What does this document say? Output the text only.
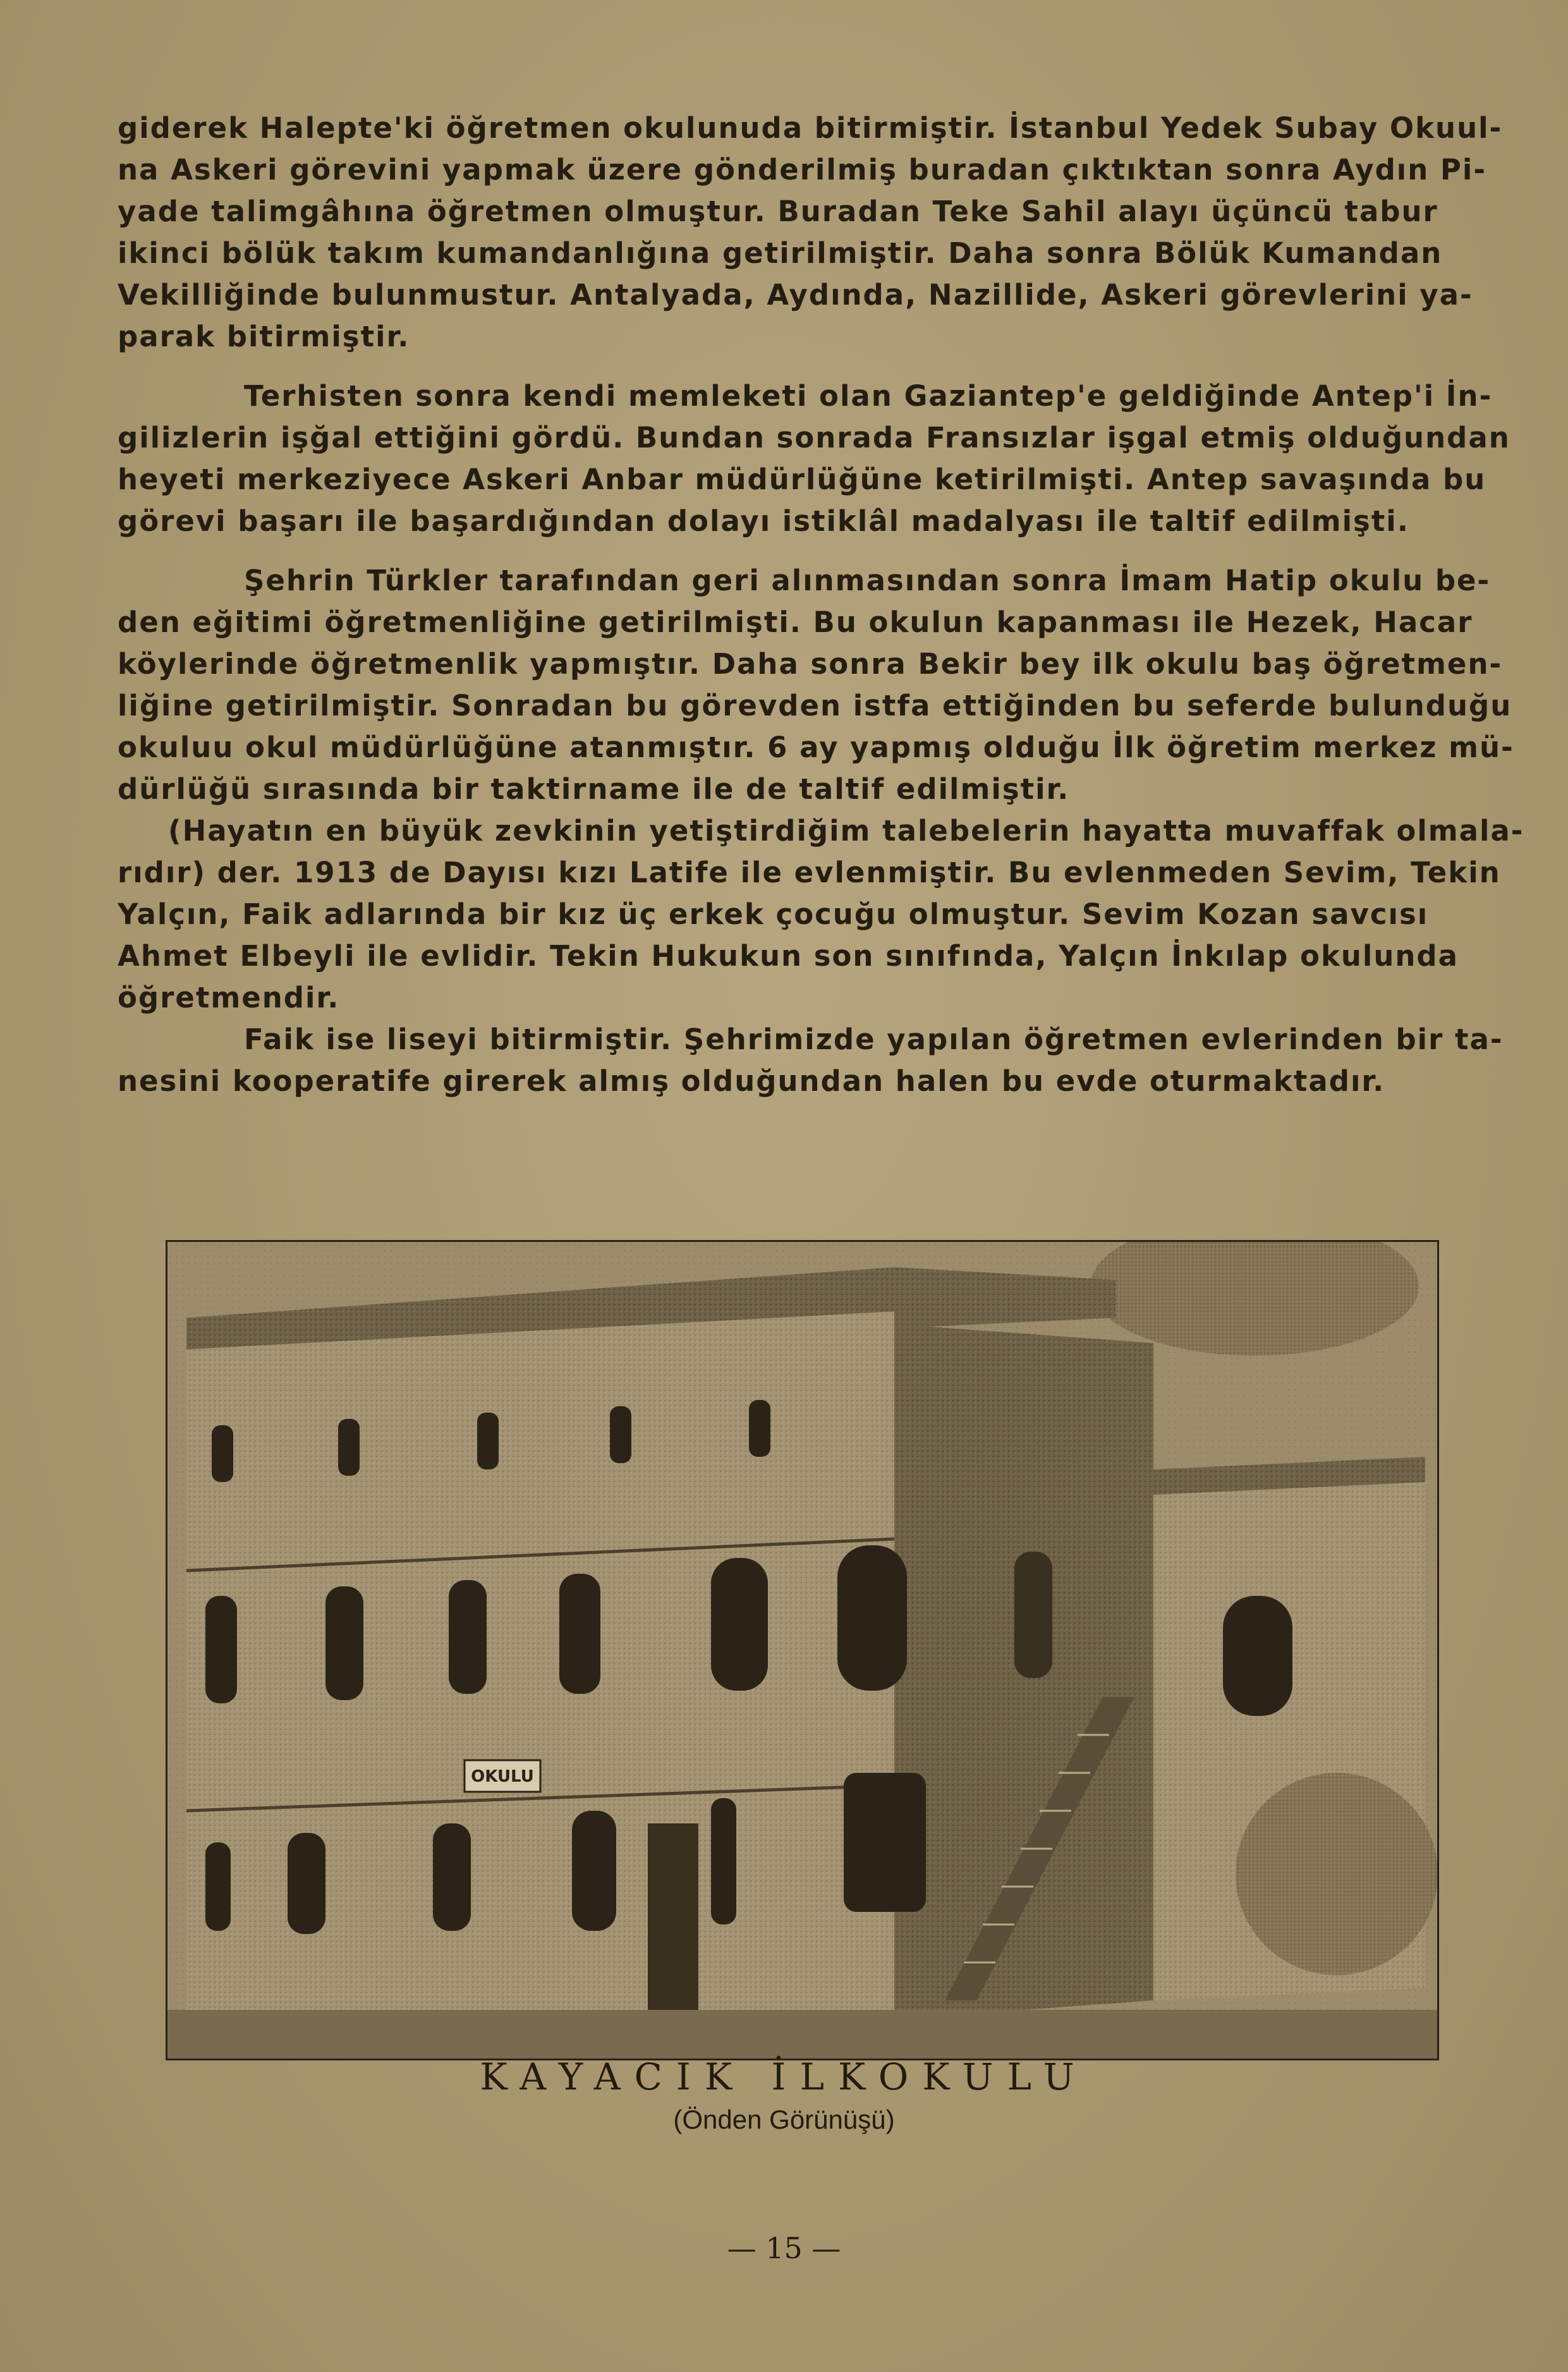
giderek Halepte'ki öğretmen okulunuda bitirmiştir. İstanbul Yedek Subay Okuul-
na Askeri görevini yapmak üzere gönderilmiş buradan çıktıktan sonra Aydın Pi-
yade talimgâhına öğretmen olmuştur. Buradan Teke Sahil alayı üçüncü tabur
ikinci bölük takım kumandanlığına getirilmiştir. Daha sonra Bölük Kumandan
Vekilliğinde bulunmustur. Antalyada, Aydında, Nazillide, Askeri görevlerini ya-
parak bitirmiştir.
Terhisten sonra kendi memleketi olan Gaziantep'e geldiğinde Antep'i İn-
gilizlerin işğal ettiğini gördü. Bundan sonrada Fransızlar işgal etmiş olduğundan
heyeti merkeziyece Askeri Anbar müdürlüğüne ketirilmişti. Antep savaşında bu
görevi başarı ile başardığından dolayı istiklâl madalyası ile taltif edilmişti.
Şehrin Türkler tarafından geri alınmasından sonra İmam Hatip okulu be-
den eğitimi öğretmenliğine getirilmişti. Bu okulun kapanması ile Hezek, Hacar
köylerinde öğretmenlik yapmıştır. Daha sonra Bekir bey ilk okulu baş öğretmen-
liğine getirilmiştir. Sonradan bu görevden istfa ettiğinden bu seferde bulunduğu
okuluu okul müdürlüğüne atanmıştır. 6 ay yapmış olduğu İlk öğretim merkez mü-
dürlüğü sırasında bir taktirname ile de taltif edilmiştir.
(Hayatın en büyük zevkinin yetiştirdiğim talebelerin hayatta muvaffak olmala-
rıdır) der. 1913 de Dayısı kızı Latife ile evlenmiştir. Bu evlenmeden Sevim, Tekin
Yalçın, Faik adlarında bir kız üç erkek çocuğu olmuştur. Sevim Kozan savcısı
Ahmet Elbeyli ile evlidir. Tekin Hukukun son sınıfında, Yalçın İnkılap okulunda
öğretmendir.
Faik ise liseyi bitirmiştir. Şehrimizde yapılan öğretmen evlerinden bir ta-
nesini kooperatife girerek almış olduğundan halen bu evde oturmaktadır.
OKULU
KAYACIK İLKOKULU
(Önden Görünüşü)
— 15 —
